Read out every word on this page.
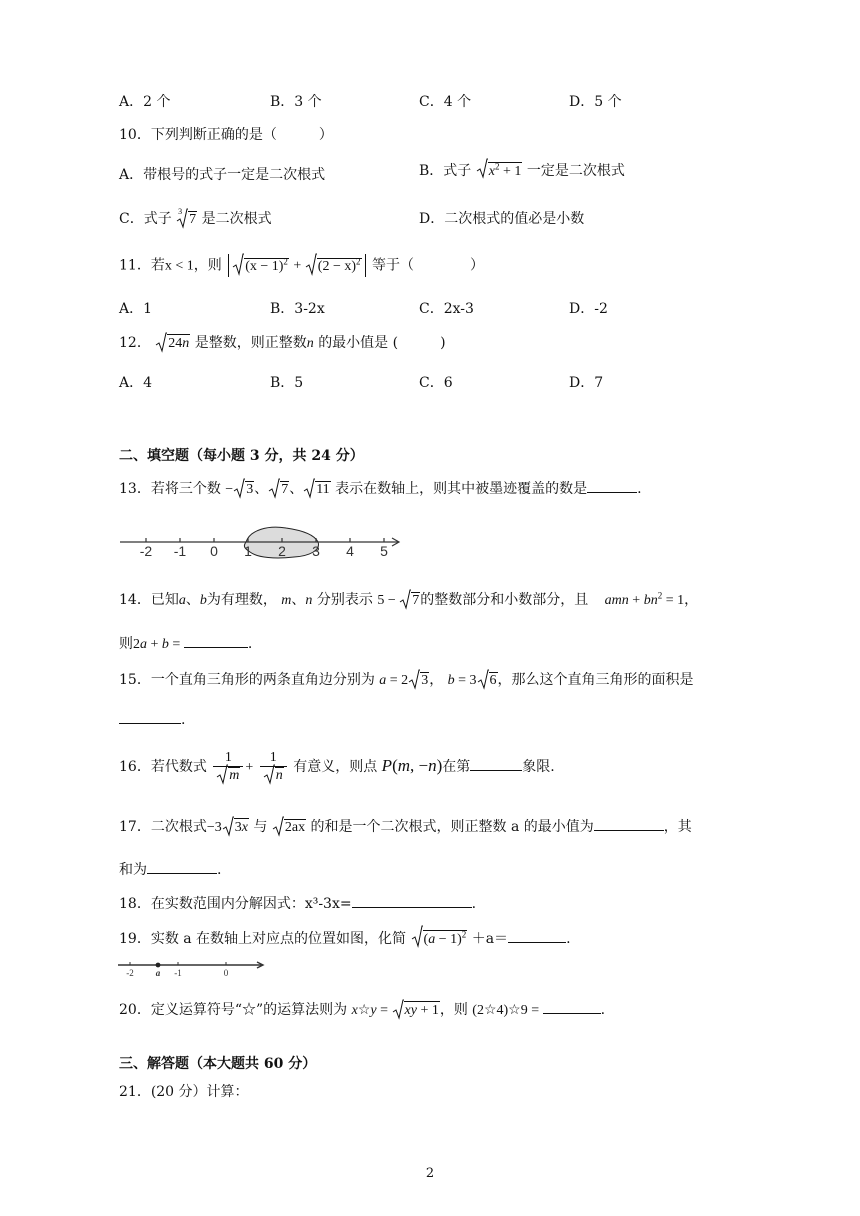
A．2 个	B．3 个	C．4 个	D．5 个
10．下列判断正确的是（　　　）
A．带根号的式子一定是二次根式	B．式子 $x^2 + 1$ 一定是二次根式
C．式子 3
7 是二次根式	D．二次根式的值必是小数
11．若x < 1，则 $(x - 1)^2$ +
$(2 - x)^2$ 等于（　　　　）
A．1	B．3-2x	C．2x-3	D．-2
12． 24n 是整数，则正整数n 的最小值是 (　　　)
A．4	B．5	C．6	D．7
二、填空题（每小题 3 分，共 24 分）
13．若将三个数 − 3、 7、 11 表示在数轴上，则其中被墨迹覆盖的数是	.
-2 -1 0 1 2 3 4 5
14．已知a、b为有理数， m、n 分别表示 5 −
7的整数部分和小数部分，且 amn + $bn^2 = 1$，
则2a + b =	.
15．一个直角三角形的两条直角边分别为 a = 2 3， b = 3 6，那么这个直角三角形的面积是
.
16．若代数式 $\frac{1}{m} + \frac{1}{n}$ 有意义，则点 P(m, −n)在第	象限.
17．二次根式−3 3x 与 2ax 的和是一个二次根式，则正整数 a 的最小值为	，其
和为	.
18．在实数范围内分解因式：x³-3x=	.
19．实数 a 在数轴上对应点的位置如图，化简 $(a - 1)^2 +a=$	.
-2 a -1	0
20．定义运算符号“☆”的运算法则为 x☆y =
xy + 1，则 (2☆4)☆9 =	.
三、解答题（本大题共 60 分）
21．(20 分）计算：
2
